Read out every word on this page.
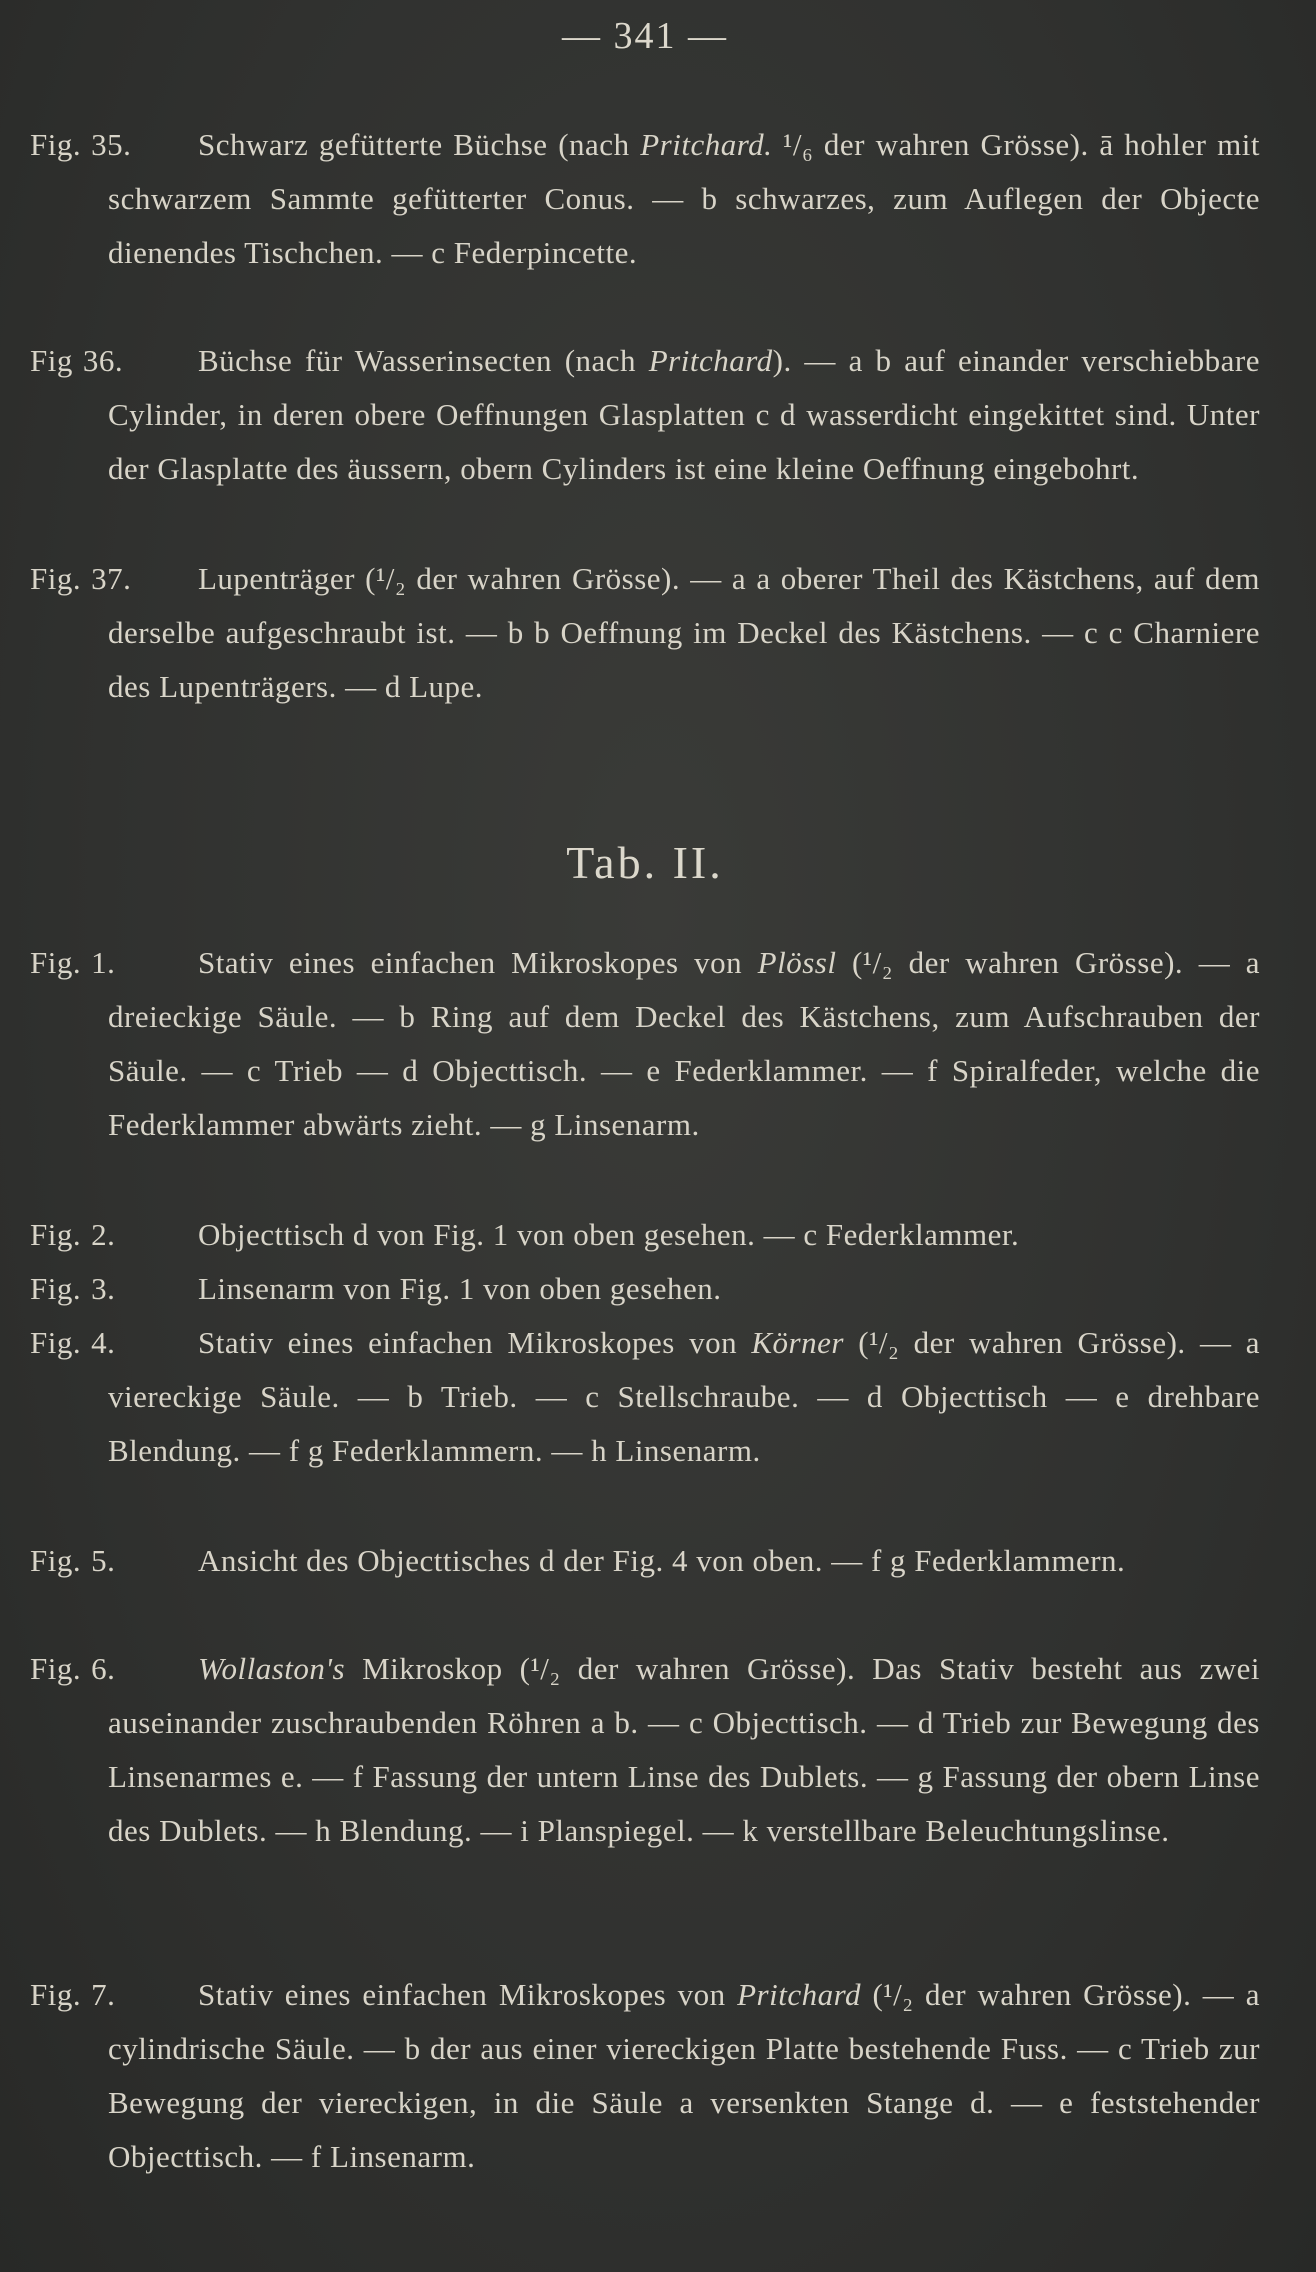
— 341 —
Fig. 35. Schwarz gefütterte Büchse (nach Pritchard. ¹/₆ der wahren Grösse). ā hohler mit schwarzem Sammte gefütterter Conus. — b schwarzes, zum Auflegen der Objecte dienendes Tischchen. — c Federpincette.
Fig 36. Büchse für Wasserinsecten (nach Pritchard). — a b auf einander verschiebbare Cylinder, in deren obere Oeffnungen Glasplatten c d wasserdicht eingekittet sind. Unter der Glasplatte des äussern, obern Cylinders ist eine kleine Oeffnung eingebohrt.
Fig. 37. Lupenträger (¹/₂ der wahren Grösse). — a a oberer Theil des Kästchens, auf dem derselbe aufgeschraubt ist. — b b Oeffnung im Deckel des Kästchens. — c c Charniere des Lupenträgers. — d Lupe.
Tab. II.
Fig. 1.	Stativ eines einfachen Mikroskopes von Plössl (¹/₂ der wahren Grösse). — a dreieckige Säule. — b Ring auf dem Deckel des Kästchens, zum Aufschrauben der Säule. — c Trieb — d Objecttisch. — e Federklammer. — f Spiralfeder, welche die Federklammer abwärts zieht. — g Linsenarm.
Fig. 2.	Objecttisch d von Fig. 1 von oben gesehen. — c Federklammer.
Fig. 3.	Linsenarm von Fig. 1 von oben gesehen.
Fig. 4.	Stativ eines einfachen Mikroskopes von Körner (¹/₂ der wahren Grösse). — a viereckige Säule. — b Trieb. — c Stellschraube. — d Objecttisch — e drehbare Blendung. — f g Federklammern. — h Linsenarm.
Fig. 5.	Ansicht des Objecttisches d der Fig. 4 von oben. — f g Federklammern.
Fig. 6.	Wollaston's Mikroskop (¹/₂ der wahren Grösse). Das Stativ besteht aus zwei auseinander zuschraubenden Röhren a b. — c Objecttisch. — d Trieb zur Bewegung des Linsenarmes e. — f Fassung der untern Linse des Dublets. — g Fassung der obern Linse des Dublets. — h Blendung. — i Planspiegel. — k verstellbare Beleuchtungslinse.
Fig. 7.	Stativ eines einfachen Mikroskopes von Pritchard (¹/₂ der wahren Grösse). — a cylindrische Säule. — b der aus einer viereckigen Platte bestehende Fuss. — c Trieb zur Bewegung der viereckigen, in die Säule a versenkten Stange d. — e feststehender Objecttisch. — f Linsenarm.
